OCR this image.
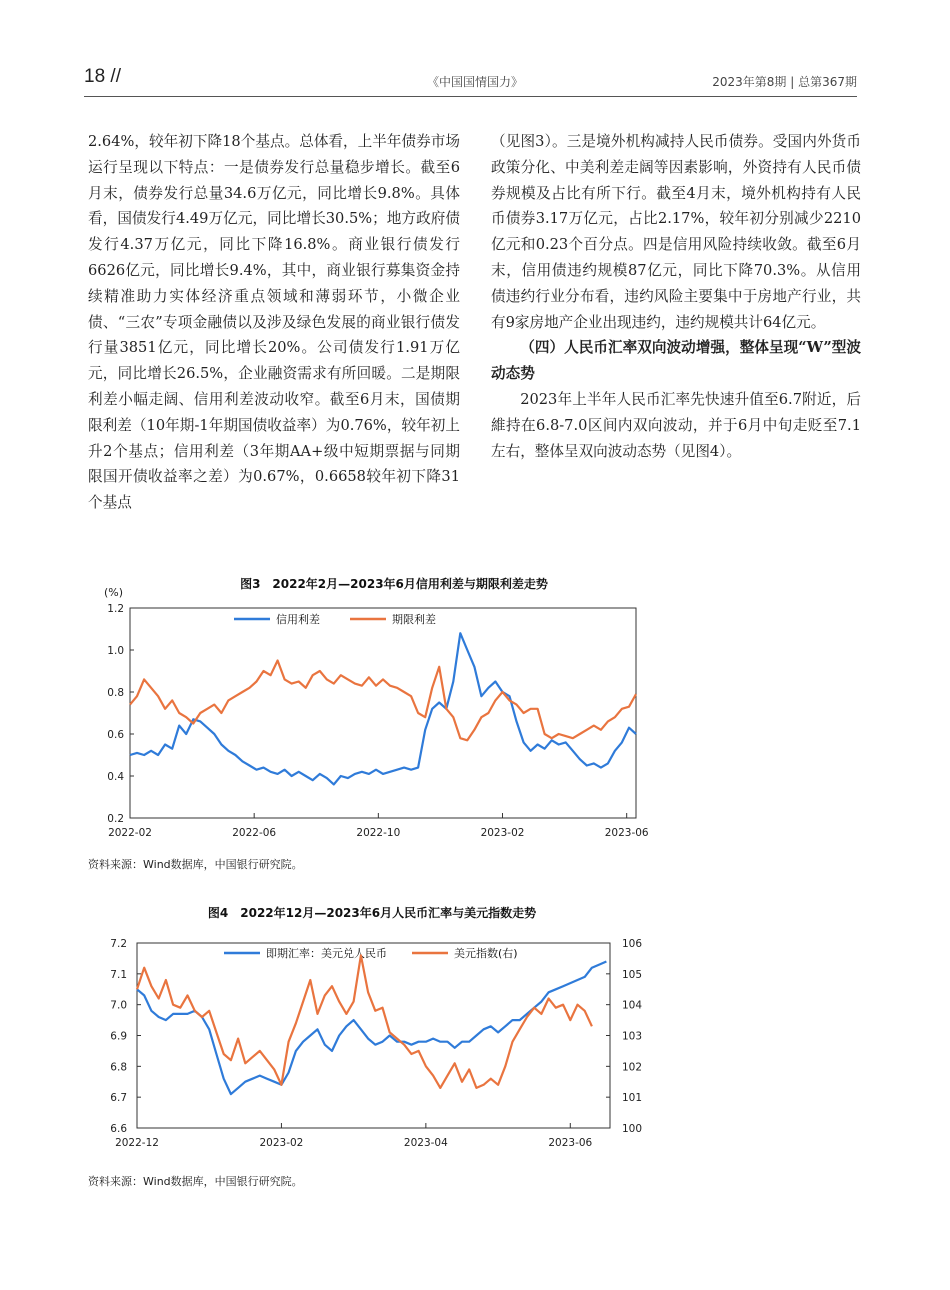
18 //	《中国国情国力》	2023年第8期 | 总第367期

2.64%，较年初下降18个基点。总体看，上半年债券市场运行呈现以下特点：一是债券发行总量稳步增长。截至6月末，债券发行总量34.6万亿元，同比增长9.8%。具体看，国债发行4.49万亿元，同比增长30.5%；地方政府债发行4.37万亿元，同比下降16.8%。商业银行债发行6626亿元，同比增长9.4%，其中，商业银行募集资金持续精准助力实体经济重点领域和薄弱环节，小微企业债、“三农”专项金融债以及涉及绿色发展的商业银行债发行量3851亿元，同比增长20%。公司债发行1.91万亿元，同比增长26.5%，企业融资需求有所回暖。二是期限利差小幅走阔、信用利差波动收窄。截至6月末，国债期限利差（10年期-1年期国债收益率）为0.76%，较年初上升2个基点；信用利差（3年期AA+级中短期票据与同期限国开债收益率之差）为0.67%，0.6658较年初下降31个基点

（见图3）。三是境外机构减持人民币债券。受国内外货币政策分化、中美利差走阔等因素影响，外资持有人民币债券规模及占比有所下行。截至4月末，境外机构持有人民币债券3.17万亿元，占比2.17%，较年初分别减少2210亿元和0.23个百分点。四是信用风险持续收敛。截至6月末，信用债违约规模87亿元，同比下降70.3%。从信用债违约行业分布看，违约风险主要集中于房地产行业，共有9家房地产企业出现违约，违约规模共计64亿元。

（四）人民币汇率双向波动增强，整体呈现“W”型波动态势

2023年上半年人民币汇率先快速升值至6.7附近，后維持在6.8-7.0区间内双向波动，并于6月中旬走贬至7.1左右，整体呈双向波动态势（见图4）。

图3　2022年2月—2023年6月信用利差与期限利差走势
(%)
0.2
0.4
0.6
0.8
1.0
1.2
2022-02	2022-06	2022-10	2023-02	2023-06
信用利差	期限利差
资料来源：Wind数据库，中国银行研究院。
图4　2022年12月—2023年6月人民币汇率与美元指数走势
6.6
6.7
6.8
6.9
7.0
7.1
7.2
100
101
102
103
104
105
106
2022-12	2023-02	2023-04	2023-06
即期汇率：美元兑人民币	美元指数(右)
资料来源：Wind数据库，中国银行研究院。
